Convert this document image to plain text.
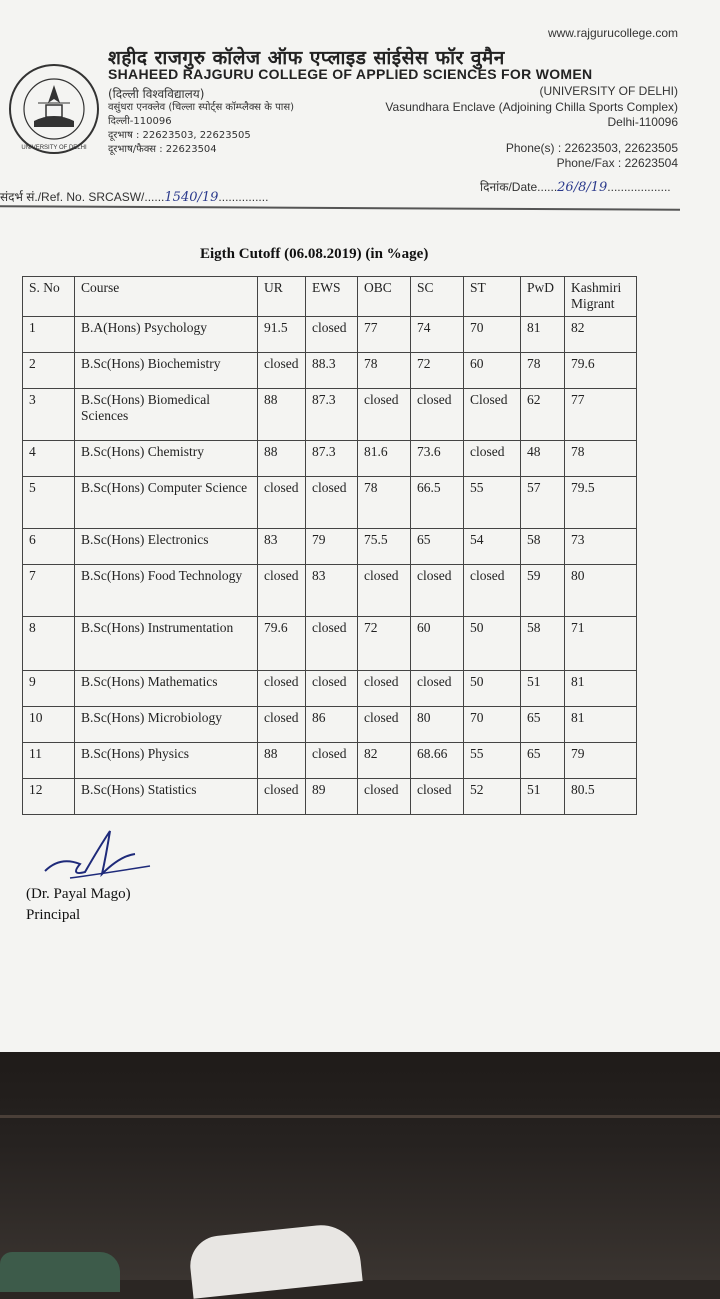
www.rajgurucollege.com
UNIVERSITY OF DELHI
शहीद राजगुरु कॉलेज ऑफ एप्लाइड सांईसेस फॉर वुमैन
SHAHEED RAJGURU COLLEGE OF APPLIED SCIENCES FOR WOMEN
(दिल्ली विश्वविद्यालय)
वसुंधरा एनक्लेव (चिल्ला स्पोर्ट्स कॉम्प्लैक्स के पास)
दिल्ली-110096
दूरभाष : 22623503, 22623505
दूरभाष/फैक्स : 22623504
(UNIVERSITY OF DELHI)
Vasundhara Enclave (Adjoining Chilla Sports Complex)
Delhi-110096
Phone(s) : 22623503, 22623505
Phone/Fax : 22623504
संदर्भ सं./Ref. No. SRCASW/......1540/19...............
दिनांक/Date......26/8/19...................
Eigth Cutoff (06.08.2019) (in %age)
S. No	Course	UR	EWS	OBC	SC	ST	PwD	Kashmiri Migrant
1	B.A(Hons) Psychology	91.5	closed	77	74	70	81	82
2	B.Sc(Hons) Biochemistry	closed	88.3	78	72	60	78	79.6
3	B.Sc(Hons) Biomedical Sciences	88	87.3	closed	closed	Closed	62	77
4	B.Sc(Hons) Chemistry	88	87.3	81.6	73.6	closed	48	78
5	B.Sc(Hons) Computer Science	closed	closed	78	66.5	55	57	79.5
6	B.Sc(Hons) Electronics	83	79	75.5	65	54	58	73
7	B.Sc(Hons) Food Technology	closed	83	closed	closed	closed	59	80
8	B.Sc(Hons) Instrumentation	79.6	closed	72	60	50	58	71
9	B.Sc(Hons) Mathematics	closed	closed	closed	closed	50	51	81
10	B.Sc(Hons) Microbiology	closed	86	closed	80	70	65	81
11	B.Sc(Hons) Physics	88	closed	82	68.66	55	65	79
12	B.Sc(Hons) Statistics	closed	89	closed	closed	52	51	80.5
(Dr. Payal Mago)
Principal
